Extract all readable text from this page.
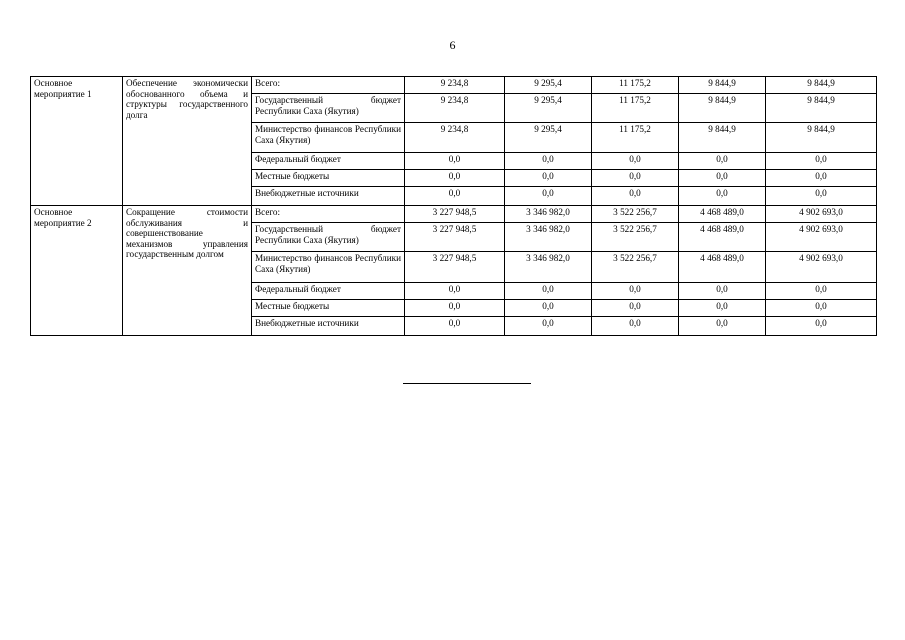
6
Основное мероприятие 1	Обеспечение экономически обоснованного объема и структуры государственного долга	Всего:	9 234,8	9 295,4	11 175,2	9 844,9	9 844,9
		Государственный бюджет Республики Саха (Якутия)	9 234,8	9 295,4	11 175,2	9 844,9	9 844,9
		Министерство финансов Республики Саха (Якутия)	9 234,8	9 295,4	11 175,2	9 844,9	9 844,9
		Федеральный бюджет	0,0	0,0	0,0	0,0	0,0
		Местные бюджеты	0,0	0,0	0,0	0,0	0,0
		Внебюджетные источники	0,0	0,0	0,0	0,0	0,0
Основное мероприятие 2	Сокращение стоимости обслуживания и совершенствование механизмов управления государственным долгом	Всего:	3 227 948,5	3 346 982,0	3 522 256,7	4 468 489,0	4 902 693,0
		Государственный бюджет Республики Саха (Якутия)	3 227 948,5	3 346 982,0	3 522 256,7	4 468 489,0	4 902 693,0
		Министерство финансов Республики Саха (Якутия)	3 227 948,5	3 346 982,0	3 522 256,7	4 468 489,0	4 902 693,0
		Федеральный бюджет	0,0	0,0	0,0	0,0	0,0
		Местные бюджеты	0,0	0,0	0,0	0,0	0,0
		Внебюджетные источники	0,0	0,0	0,0	0,0	0,0
